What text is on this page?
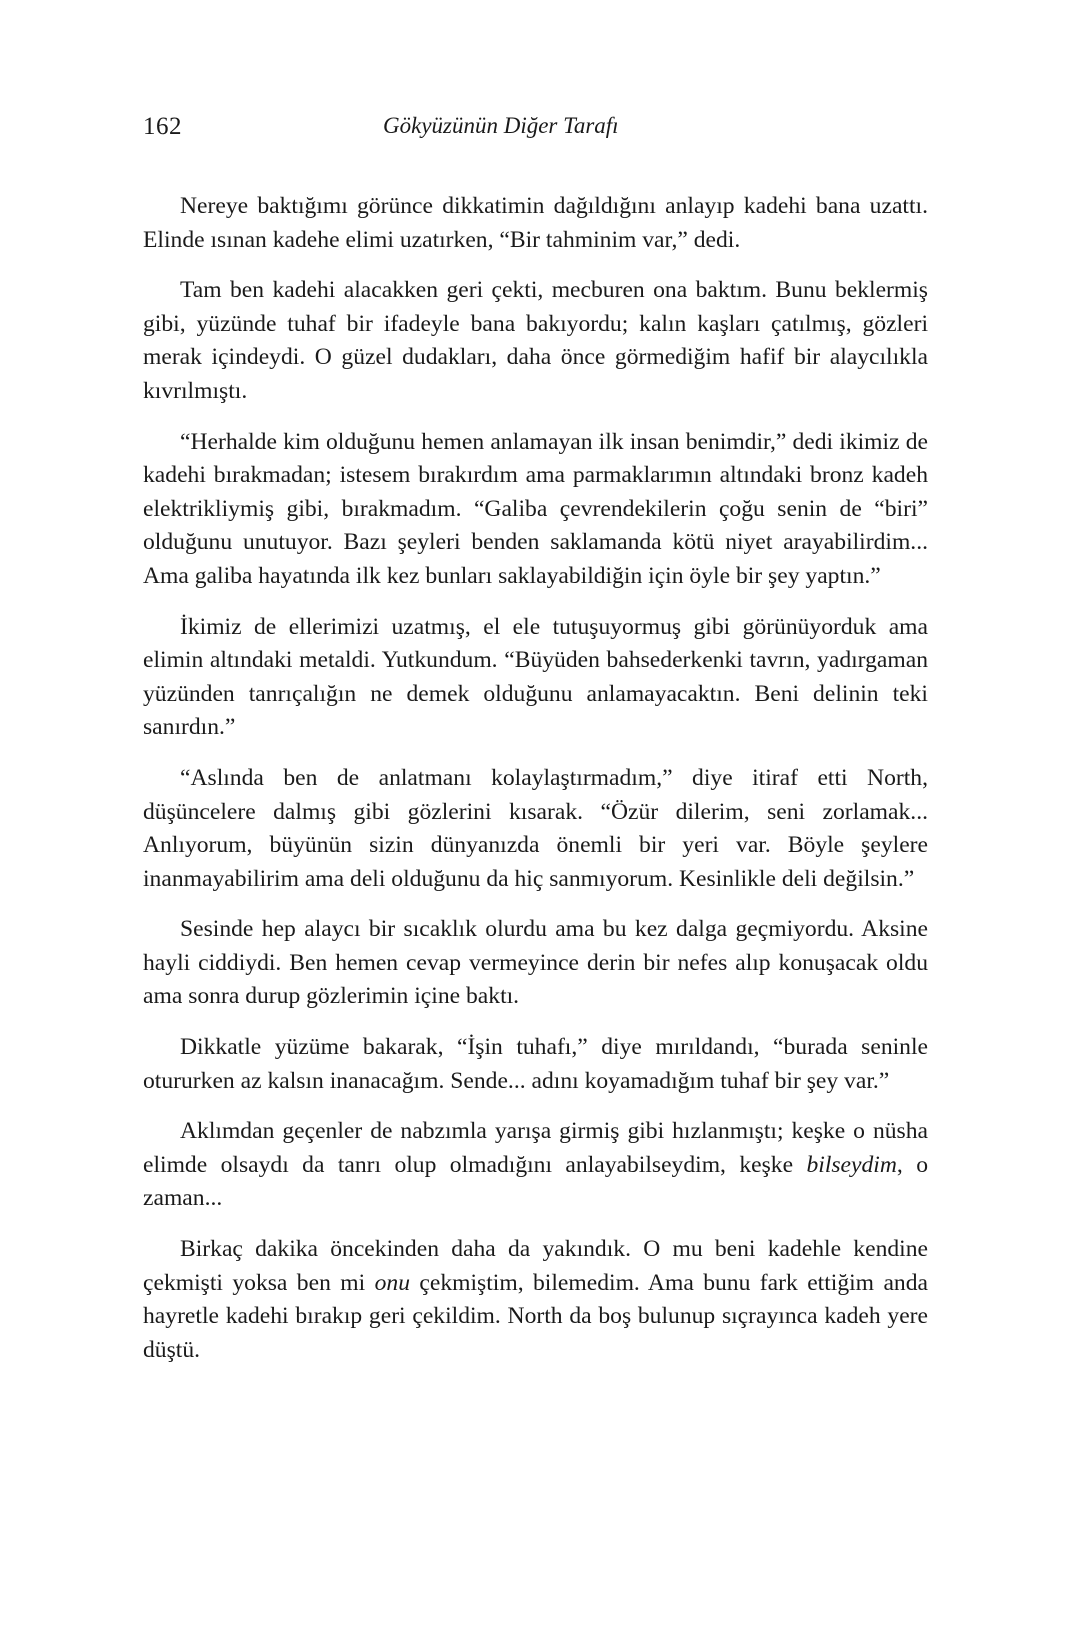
162	Gökyüzünün Diğer Tarafı

Nereye baktığımı görünce dikkatimin dağıldığını anlayıp kadehi bana uzattı. Elinde ısınan kadehe elimi uzatırken, “Bir tahminim var,” dedi.

Tam ben kadehi alacakken geri çekti, mecburen ona baktım. Bunu beklermiş gibi, yüzünde tuhaf bir ifadeyle bana bakıyordu; kalın kaşları çatılmış, gözleri merak içindeydi. O güzel dudakları, daha önce görmediğim hafif bir alaycılıkla kıvrılmıştı.

“Herhalde kim olduğunu hemen anlamayan ilk insan benimdir,” dedi ikimiz de kadehi bırakmadan; istesem bırakırdım ama parmaklarımın altındaki bronz kadeh elektrikliymiş gibi, bırakmadım. “Galiba çevrendekilerin çoğu senin de “biri” olduğunu unutuyor. Bazı şeyleri benden saklamanda kötü niyet arayabilirdim... Ama galiba hayatında ilk kez bunları saklayabildiğin için öyle bir şey yaptın.”

İkimiz de ellerimizi uzatmış, el ele tutuşuyormuş gibi görünüyorduk ama elimin altındaki metaldi. Yutkundum. “Büyüden bahsederkenki tavrın, yadırgaman yüzünden tanrıçalığın ne demek olduğunu anlamayacaktın. Beni delinin teki sanırdın.”

“Aslında ben de anlatmanı kolaylaştırmadım,” diye itiraf etti North, düşüncelere dalmış gibi gözlerini kısarak. “Özür dilerim, seni zorlamak... Anlıyorum, büyünün sizin dünyanızda önemli bir yeri var. Böyle şeylere inanmayabilirim ama deli olduğunu da hiç sanmıyorum. Kesinlikle deli değilsin.”

Sesinde hep alaycı bir sıcaklık olurdu ama bu kez dalga geçmiyordu. Aksine hayli ciddiydi. Ben hemen cevap vermeyince derin bir nefes alıp konuşacak oldu ama sonra durup gözlerimin içine baktı.

Dikkatle yüzüme bakarak, “İşin tuhafı,” diye mırıldandı, “burada seninle otururken az kalsın inanacağım. Sende... adını koyamadığım tuhaf bir şey var.”

Aklımdan geçenler de nabzımla yarışa girmiş gibi hızlanmıştı; keşke o nüsha elimde olsaydı da tanrı olup olmadığını anlayabilseydim, keşke bilseydim, o zaman...

Birkaç dakika öncekinden daha da yakındık. O mu beni kadehle kendine çekmişti yoksa ben mi onu çekmiştim, bilemedim. Ama bunu fark ettiğim anda hayretle kadehi bırakıp geri çekildim. North da boş bulunup sıçrayınca kadeh yere düştü.
